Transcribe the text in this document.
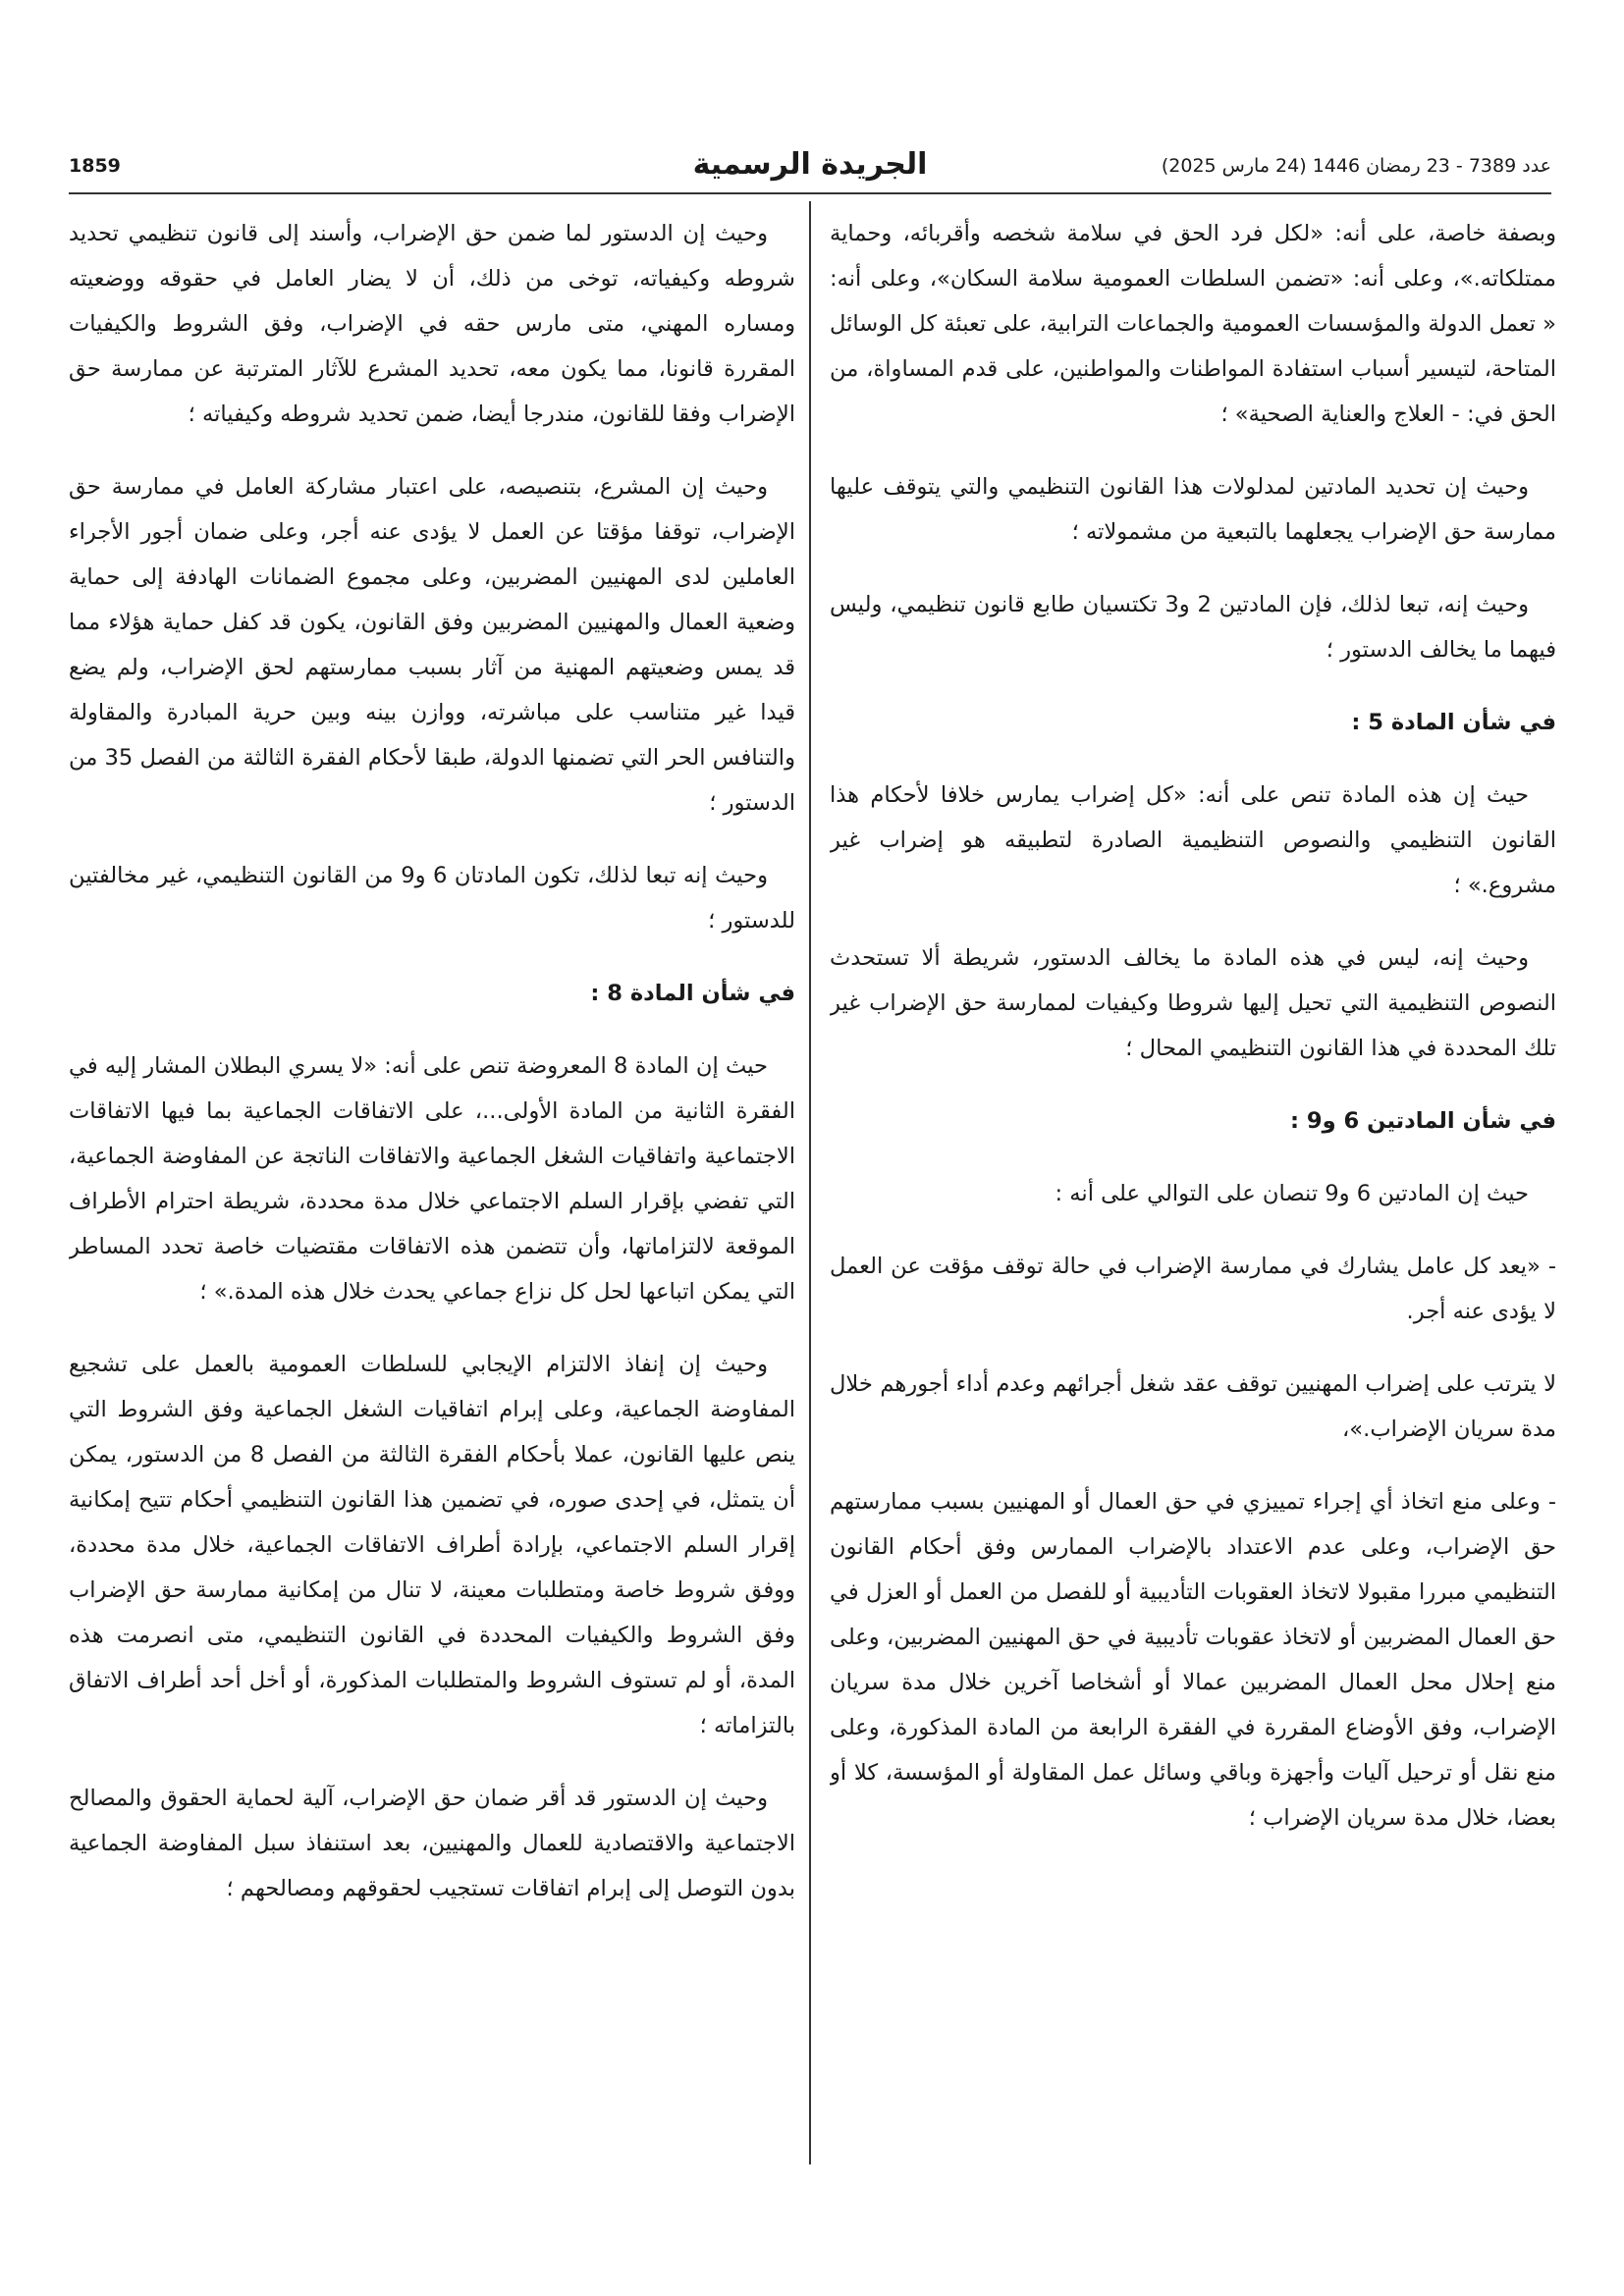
عدد 7389 - 23 رمضان 1446 (24 مارس 2025)
الجريدة الرسمية
1859

وبصفة خاصة، على أنه: «لكل فرد الحق في سلامة شخصه وأقربائه، وحماية ممتلكاته.»، وعلى أنه: «تضمن السلطات العمومية سلامة السكان»، وعلى أنه: « تعمل الدولة والمؤسسات العمومية والجماعات الترابية، على تعبئة كل الوسائل المتاحة، لتيسير أسباب استفادة المواطنات والمواطنين، على قدم المساواة، من الحق في: - العلاج والعناية الصحية» ؛

وحيث إن تحديد المادتين لمدلولات هذا القانون التنظيمي والتي يتوقف عليها ممارسة حق الإضراب يجعلهما بالتبعية من مشمولاته ؛

وحيث إنه، تبعا لذلك، فإن المادتين 2 و3 تكتسيان طابع قانون تنظيمي، وليس فيهما ما يخالف الدستور ؛

في شأن المادة 5 :

حيث إن هذه المادة تنص على أنه: «كل إضراب يمارس خلافا لأحكام هذا القانون التنظيمي والنصوص التنظيمية الصادرة لتطبيقه هو إضراب غير مشروع.» ؛

وحيث إنه، ليس في هذه المادة ما يخالف الدستور، شريطة ألا تستحدث النصوص التنظيمية التي تحيل إليها شروطا وكيفيات لممارسة حق الإضراب غير تلك المحددة في هذا القانون التنظيمي المحال ؛

في شأن المادتين 6 و9 :

حيث إن المادتين 6 و9 تنصان على التوالي على أنه :

- «يعد كل عامل يشارك في ممارسة الإضراب في حالة توقف مؤقت عن العمل لا يؤدى عنه أجر.

لا يترتب على إضراب المهنيين توقف عقد شغل أجرائهم وعدم أداء أجورهم خلال مدة سريان الإضراب.»،

- وعلى منع اتخاذ أي إجراء تمييزي في حق العمال أو المهنيين بسبب ممارستهم حق الإضراب، وعلى عدم الاعتداد بالإضراب الممارس وفق أحكام القانون التنظيمي مبررا مقبولا لاتخاذ العقوبات التأديبية أو للفصل من العمل أو العزل في حق العمال المضربين أو لاتخاذ عقوبات تأديبية في حق المهنيين المضربين، وعلى منع إحلال محل العمال المضربين عمالا أو أشخاصا آخرين خلال مدة سريان الإضراب، وفق الأوضاع المقررة في الفقرة الرابعة من المادة المذكورة، وعلى منع نقل أو ترحيل آليات وأجهزة وباقي وسائل عمل المقاولة أو المؤسسة، كلا أو بعضا، خلال مدة سريان الإضراب ؛

وحيث إن الدستور لما ضمن حق الإضراب، وأسند إلى قانون تنظيمي تحديد شروطه وكيفياته، توخى من ذلك، أن لا يضار العامل في حقوقه ووضعيته ومساره المهني، متى مارس حقه في الإضراب، وفق الشروط والكيفيات المقررة قانونا، مما يكون معه، تحديد المشرع للآثار المترتبة عن ممارسة حق الإضراب وفقا للقانون، مندرجا أيضا، ضمن تحديد شروطه وكيفياته ؛

وحيث إن المشرع، بتنصيصه، على اعتبار مشاركة العامل في ممارسة حق الإضراب، توقفا مؤقتا عن العمل لا يؤدى عنه أجر، وعلى ضمان أجور الأجراء العاملين لدى المهنيين المضربين، وعلى مجموع الضمانات الهادفة إلى حماية وضعية العمال والمهنيين المضربين وفق القانون، يكون قد كفل حماية هؤلاء مما قد يمس وضعيتهم المهنية من آثار بسبب ممارستهم لحق الإضراب، ولم يضع قيدا غير متناسب على مباشرته، ووازن بينه وبين حرية المبادرة والمقاولة والتنافس الحر التي تضمنها الدولة، طبقا لأحكام الفقرة الثالثة من الفصل 35 من الدستور ؛

وحيث إنه تبعا لذلك، تكون المادتان 6 و9 من القانون التنظيمي، غير مخالفتين للدستور ؛

في شأن المادة 8 :

حيث إن المادة 8 المعروضة تنص على أنه: «لا يسري البطلان المشار إليه في الفقرة الثانية من المادة الأولى...، على الاتفاقات الجماعية بما فيها الاتفاقات الاجتماعية واتفاقيات الشغل الجماعية والاتفاقات الناتجة عن المفاوضة الجماعية، التي تفضي بإقرار السلم الاجتماعي خلال مدة محددة، شريطة احترام الأطراف الموقعة لالتزاماتها، وأن تتضمن هذه الاتفاقات مقتضيات خاصة تحدد المساطر التي يمكن اتباعها لحل كل نزاع جماعي يحدث خلال هذه المدة.» ؛

وحيث إن إنفاذ الالتزام الإيجابي للسلطات العمومية بالعمل على تشجيع المفاوضة الجماعية، وعلى إبرام اتفاقيات الشغل الجماعية وفق الشروط التي ينص عليها القانون، عملا بأحكام الفقرة الثالثة من الفصل 8 من الدستور، يمكن أن يتمثل، في إحدى صوره، في تضمين هذا القانون التنظيمي أحكام تتيح إمكانية إقرار السلم الاجتماعي، بإرادة أطراف الاتفاقات الجماعية، خلال مدة محددة، ووفق شروط خاصة ومتطلبات معينة، لا تنال من إمكانية ممارسة حق الإضراب وفق الشروط والكيفيات المحددة في القانون التنظيمي، متى انصرمت هذه المدة، أو لم تستوف الشروط والمتطلبات المذكورة، أو أخل أحد أطراف الاتفاق بالتزاماته ؛

وحيث إن الدستور قد أقر ضمان حق الإضراب، آلية لحماية الحقوق والمصالح الاجتماعية والاقتصادية للعمال والمهنيين، بعد استنفاذ سبل المفاوضة الجماعية بدون التوصل إلى إبرام اتفاقات تستجيب لحقوقهم ومصالحهم ؛
